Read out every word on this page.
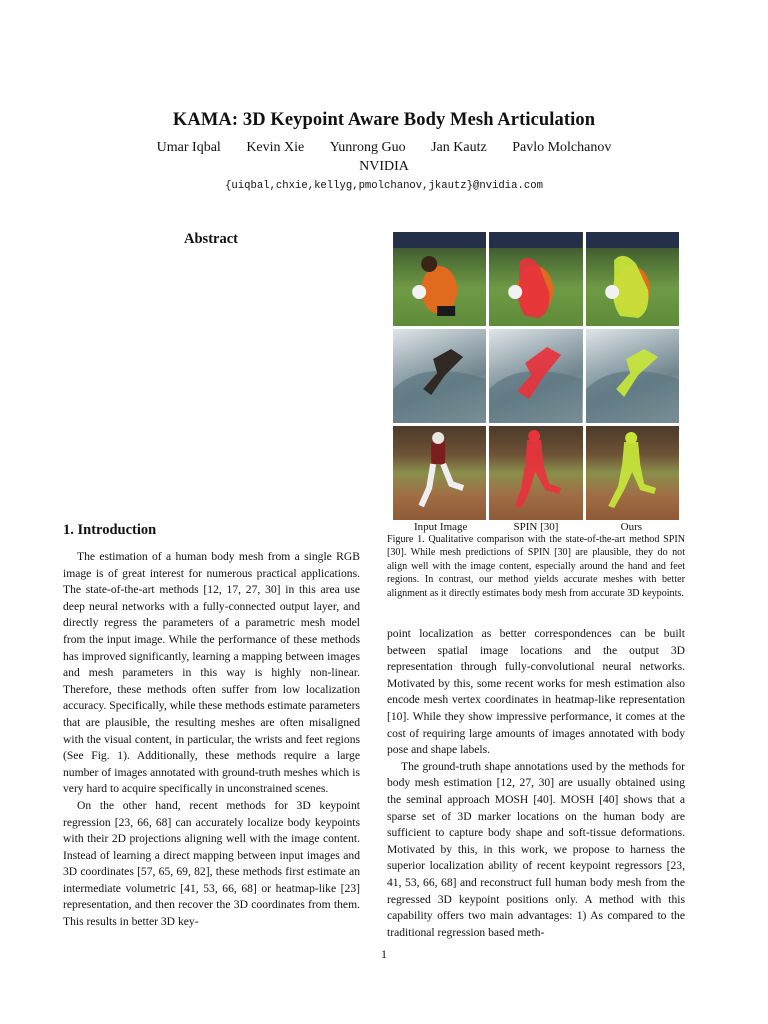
KAMA: 3D Keypoint Aware Body Mesh Articulation
Umar Iqbal Kevin Xie Yunrong Guo Jan Kautz Pavlo Molchanov
NVIDIA
{uiqbal,chxie,kellyg,pmolchanov,jkautz}@nvidia.com
Abstract
Input Image	SPIN [30]	Ours
Figure 1. Qualitative comparison with the state-of-the-art method SPIN [30]. While mesh predictions of SPIN [30] are plausible, they do not align well with the image content, especially around the hand and feet regions. In contrast, our method yields accurate meshes with better alignment as it directly estimates body mesh from accurate 3D keypoints.
1. Introduction

The estimation of a human body mesh from a single RGB image is of great interest for numerous practical applications. The state-of-the-art methods [12, 17, 27, 30] in this area use deep neural networks with a fully-connected output layer, and directly regress the parameters of a parametric mesh model from the input image. While the performance of these methods has improved significantly, learning a mapping between images and mesh parameters in this way is highly non-linear. Therefore, these methods often suffer from low localization accuracy. Specifically, while these methods estimate parameters that are plausible, the resulting meshes are often misaligned with the visual content, in particular, the wrists and feet regions (See Fig. 1). Additionally, these methods require a large number of images annotated with ground-truth meshes which is very hard to acquire specifically in unconstrained scenes.

On the other hand, recent methods for 3D keypoint regression [23, 66, 68] can accurately localize body keypoints with their 2D projections aligning well with the image content. Instead of learning a direct mapping between input images and 3D coordinates [57, 65, 69, 82], these methods first estimate an intermediate volumetric [41, 53, 66, 68] or heatmap-like [23] representation, and then recover the 3D coordinates from them. This results in better 3D key-

point localization as better correspondences can be built between spatial image locations and the output 3D representation through fully-convolutional neural networks. Motivated by this, some recent works for mesh estimation also encode mesh vertex coordinates in heatmap-like representation [10]. While they show impressive performance, it comes at the cost of requiring large amounts of images annotated with body pose and shape labels.

The ground-truth shape annotations used by the methods for body mesh estimation [12, 27, 30] are usually obtained using the seminal approach MOSH [40]. MOSH [40] shows that a sparse set of 3D marker locations on the human body are sufficient to capture body shape and soft-tissue deformations. Motivated by this, in this work, we propose to harness the superior localization ability of recent keypoint regressors [23, 41, 53, 66, 68] and reconstruct full human body mesh from the regressed 3D keypoint positions only. A method with this capability offers two main advantages: 1) As compared to the traditional regression based meth-

1
